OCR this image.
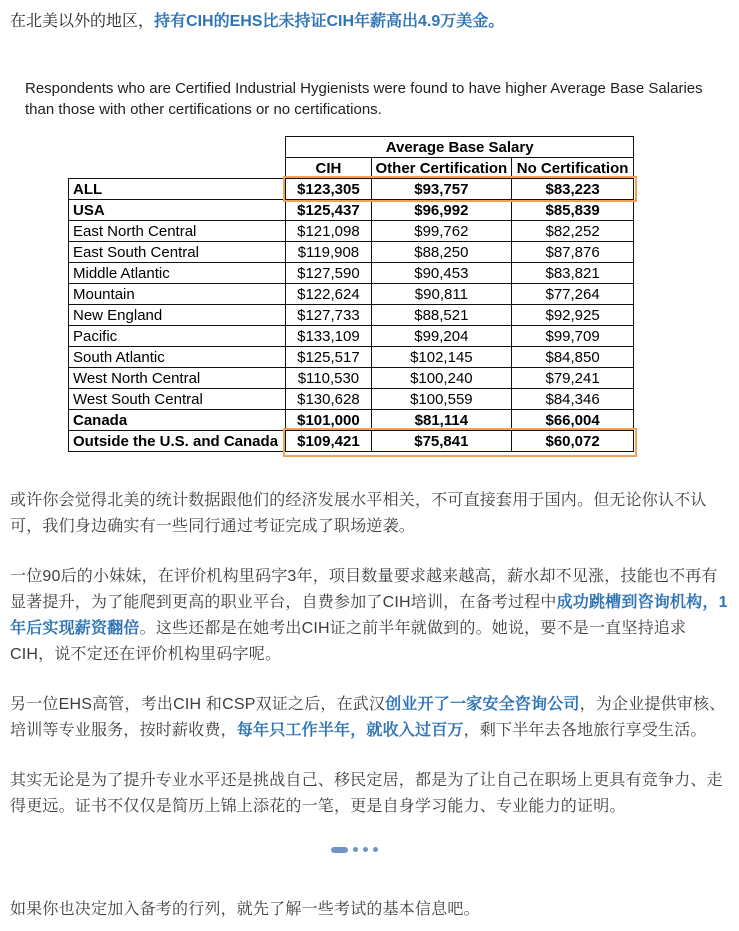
在北美以外的地区，持有CIH的EHS比未持证CIH年薪高出4.9万美金。

Respondents who are Certified Industrial Hygienists were found to have higher Average Base Salaries than those with other certifications or no certifications.

	Average Base Salary		
	CIH	Other Certification	No Certification
ALL	$123,305	$93,757	$83,223
USA	$125,437	$96,992	$85,839
East North Central	$121,098	$99,762	$82,252
East South Central	$119,908	$88,250	$87,876
Middle Atlantic	$127,590	$90,453	$83,821
Mountain	$122,624	$90,811	$77,264
New England	$127,733	$88,521	$92,925
Pacific	$133,109	$99,204	$99,709
South Atlantic	$125,517	$102,145	$84,850
West North Central	$110,530	$100,240	$79,241
West South Central	$130,628	$100,559	$84,346
Canada	$101,000	$81,114	$66,004
Outside the U.S. and Canada	$109,421	$75,841	$60,072

或许你会觉得北美的统计数据跟他们的经济发展水平相关，不可直接套用于国内。但无论你认不认可，我们身边确实有一些同行通过考证完成了职场逆袭。

一位90后的小妹妹，在评价机构里码字3年，项目数量要求越来越高，薪水却不见涨，技能也不再有显著提升，为了能爬到更高的职业平台，自费参加了CIH培训，在备考过程中成功跳槽到咨询机构，1年后实现薪资翻倍。这些还都是在她考出CIH证之前半年就做到的。她说，要不是一直坚持追求CIH，说不定还在评价机构里码字呢。

另一位EHS高管，考出CIH 和CSP双证之后，在武汉创业开了一家安全咨询公司，为企业提供审核、培训等专业服务，按时薪收费，每年只工作半年，就收入过百万，剩下半年去各地旅行享受生活。

其实无论是为了提升专业水平还是挑战自己、移民定居，都是为了让自己在职场上更具有竞争力、走得更远。证书不仅仅是简历上锦上添花的一笔，更是自身学习能力、专业能力的证明。

如果你也决定加入备考的行列，就先了解一些考试的基本信息吧。
